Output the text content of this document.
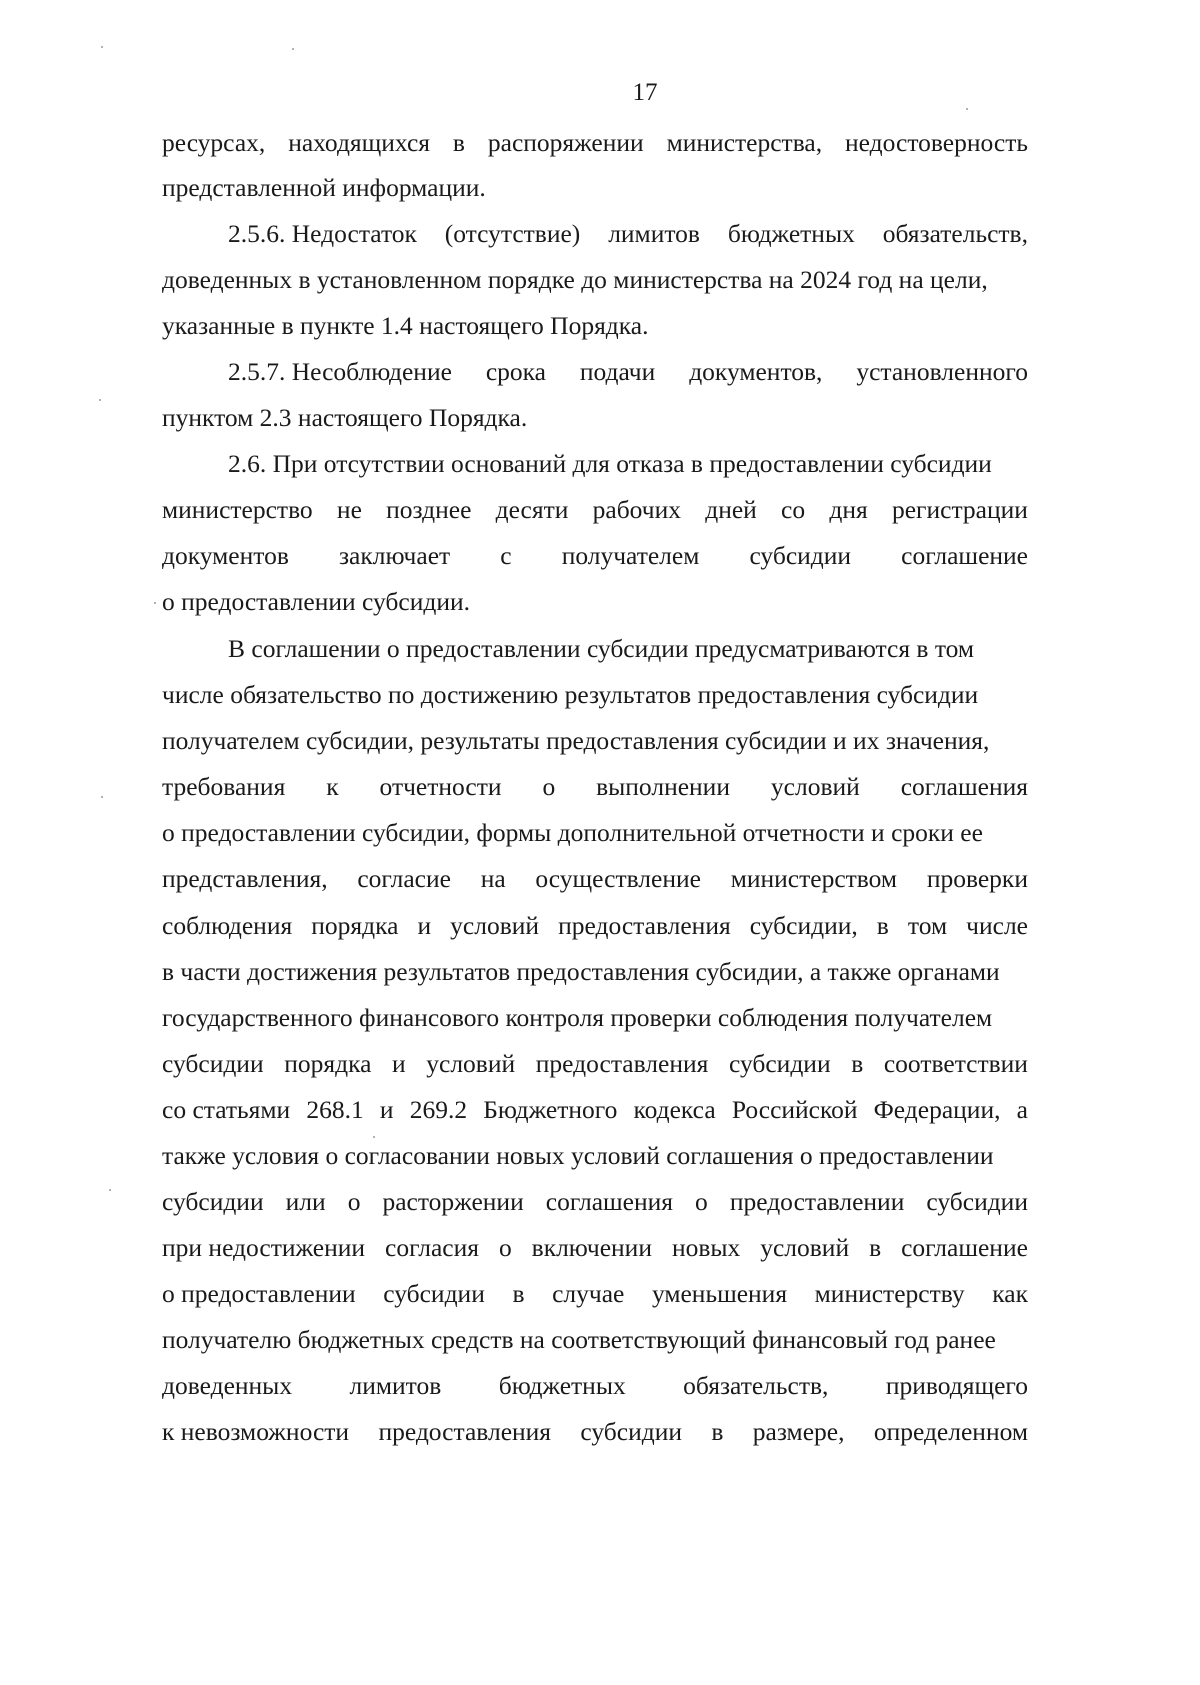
17

ресурсах, находящихся в распоряжении министерства, недостоверность

представленной информации.

2.5.6. Недостаток (отсутствие) лимитов бюджетных обязательств,

доведенных в установленном порядке до министерства на 2024 год на цели,

указанные в пункте 1.4 настоящего Порядка.

2.5.7. Несоблюдение срока подачи документов, установленного

пунктом 2.3 настоящего Порядка.

2.6. При отсутствии оснований для отказа в предоставлении субсидии

министерство не позднее десяти рабочих дней со дня регистрации

документов заключает с получателем субсидии соглашение

о предоставлении субсидии.

В соглашении о предоставлении субсидии предусматриваются в том

числе обязательство по достижению результатов предоставления субсидии

получателем субсидии, результаты предоставления субсидии и их значения,

требования к отчетности о выполнении условий соглашения

о предоставлении субсидии, формы дополнительной отчетности и сроки ее

представления, согласие на осуществление министерством проверки

соблюдения порядка и условий предоставления субсидии, в том числе

в части достижения результатов предоставления субсидии, а также органами

государственного финансового контроля проверки соблюдения получателем

субсидии порядка и условий предоставления субсидии в соответствии

со статьями 268.1 и 269.2 Бюджетного кодекса Российской Федерации, а

также условия о согласовании новых условий соглашения о предоставлении

субсидии или о расторжении соглашения о предоставлении субсидии

при недостижении согласия о включении новых условий в соглашение

о предоставлении субсидии в случае уменьшения министерству как

получателю бюджетных средств на соответствующий финансовый год ранее

доведенных лимитов бюджетных обязательств, приводящего

к невозможности предоставления субсидии в размере, определенном
